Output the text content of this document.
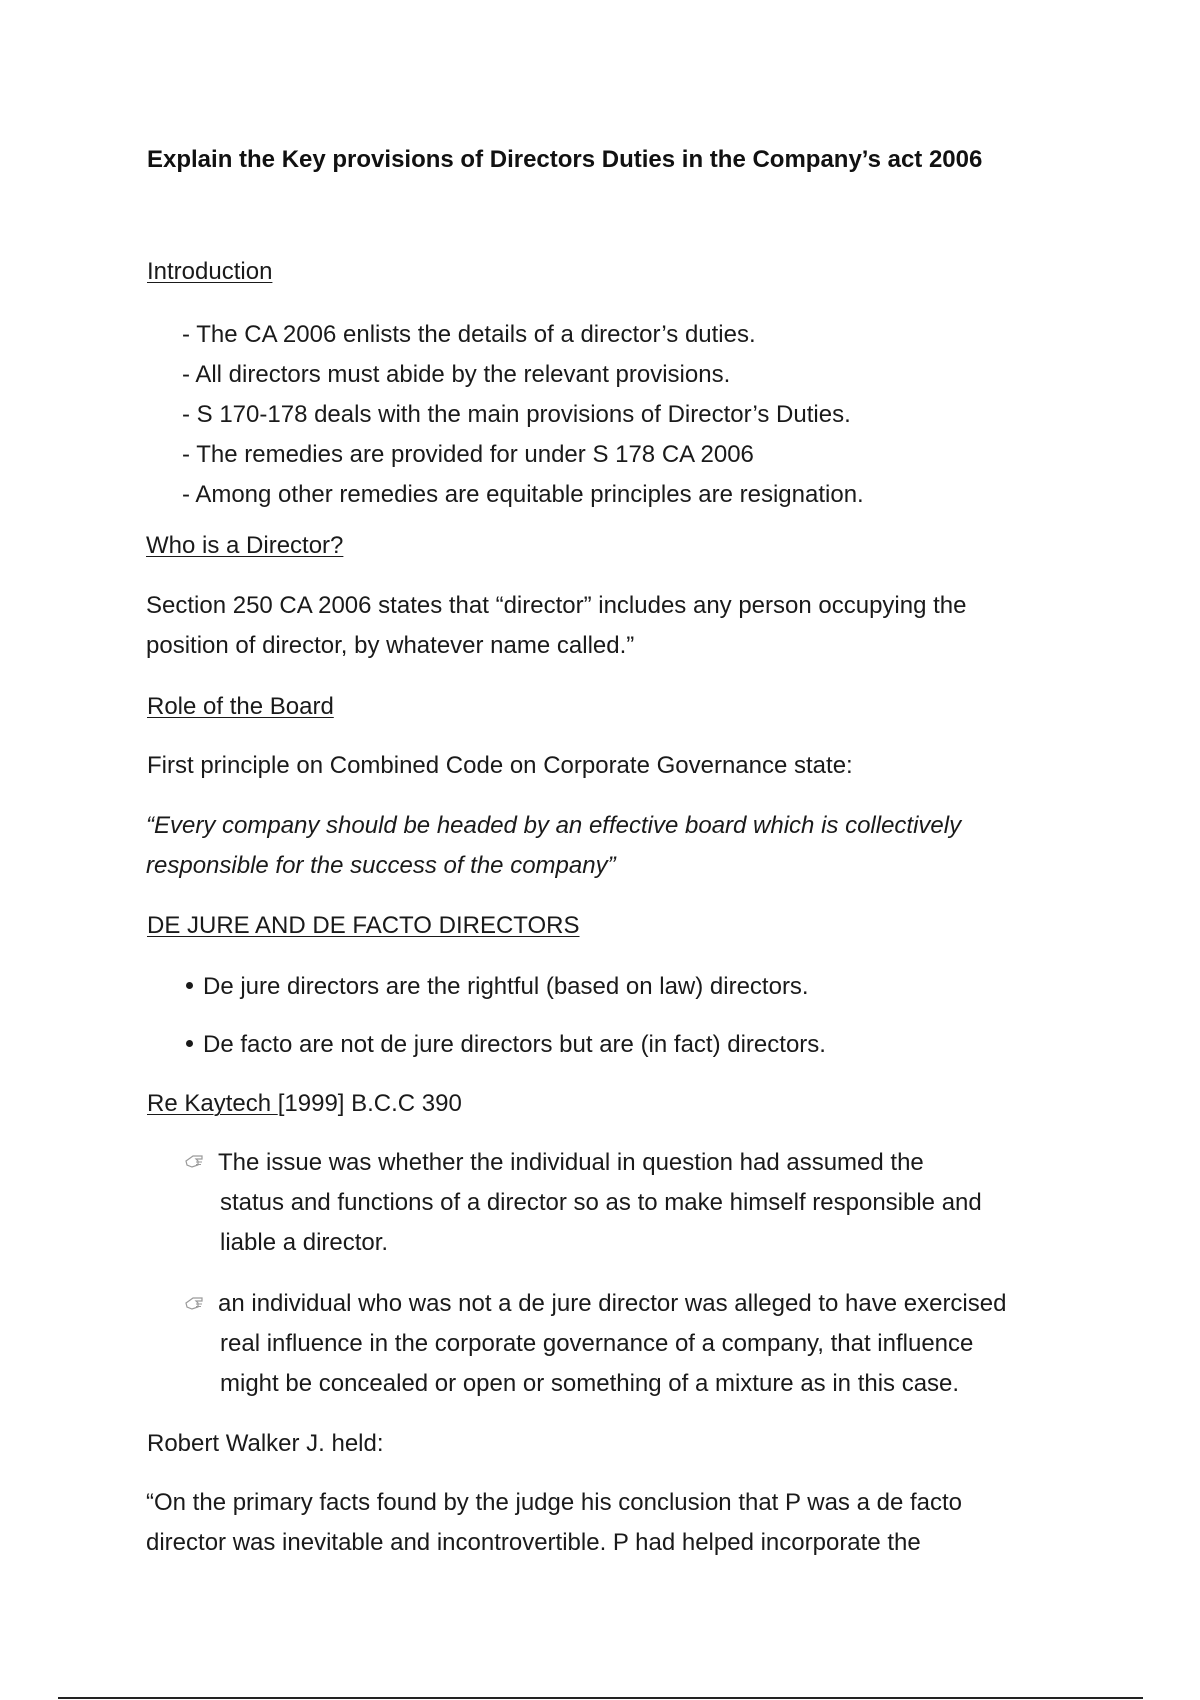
Explain the Key provisions of Directors Duties in the Company’s act 2006
Introduction
- The CA 2006 enlists the details of a director’s duties.
- All directors must abide by the relevant provisions.
- S 170-178 deals with the main provisions of Director’s Duties.
- The remedies are provided for under S 178 CA 2006
- Among other remedies are equitable principles are resignation.
Who is a Director?
Section 250 CA 2006 states that “director” includes any person occupying the
position of director, by whatever name called.”
Role of the Board
First principle on Combined Code on Corporate Governance state:
“Every company should be headed by an effective board which is collectively
responsible for the success of the company”
DE JURE AND DE FACTO DIRECTORS
De jure directors are the rightful (based on law) directors.
De facto are not de jure directors but are (in fact) directors.
Re Kaytech [1999] B.C.C 390
The issue was whether the individual in question had assumed the
status and functions of a director so as to make himself responsible and
liable a director.
an individual who was not a de jure director was alleged to have exercised
real influence in the corporate governance of a company, that influence
might be concealed or open or something of a mixture as in this case.
Robert Walker J. held:
“On the primary facts found by the judge his conclusion that P was a de facto
director was inevitable and incontrovertible. P had helped incorporate the
